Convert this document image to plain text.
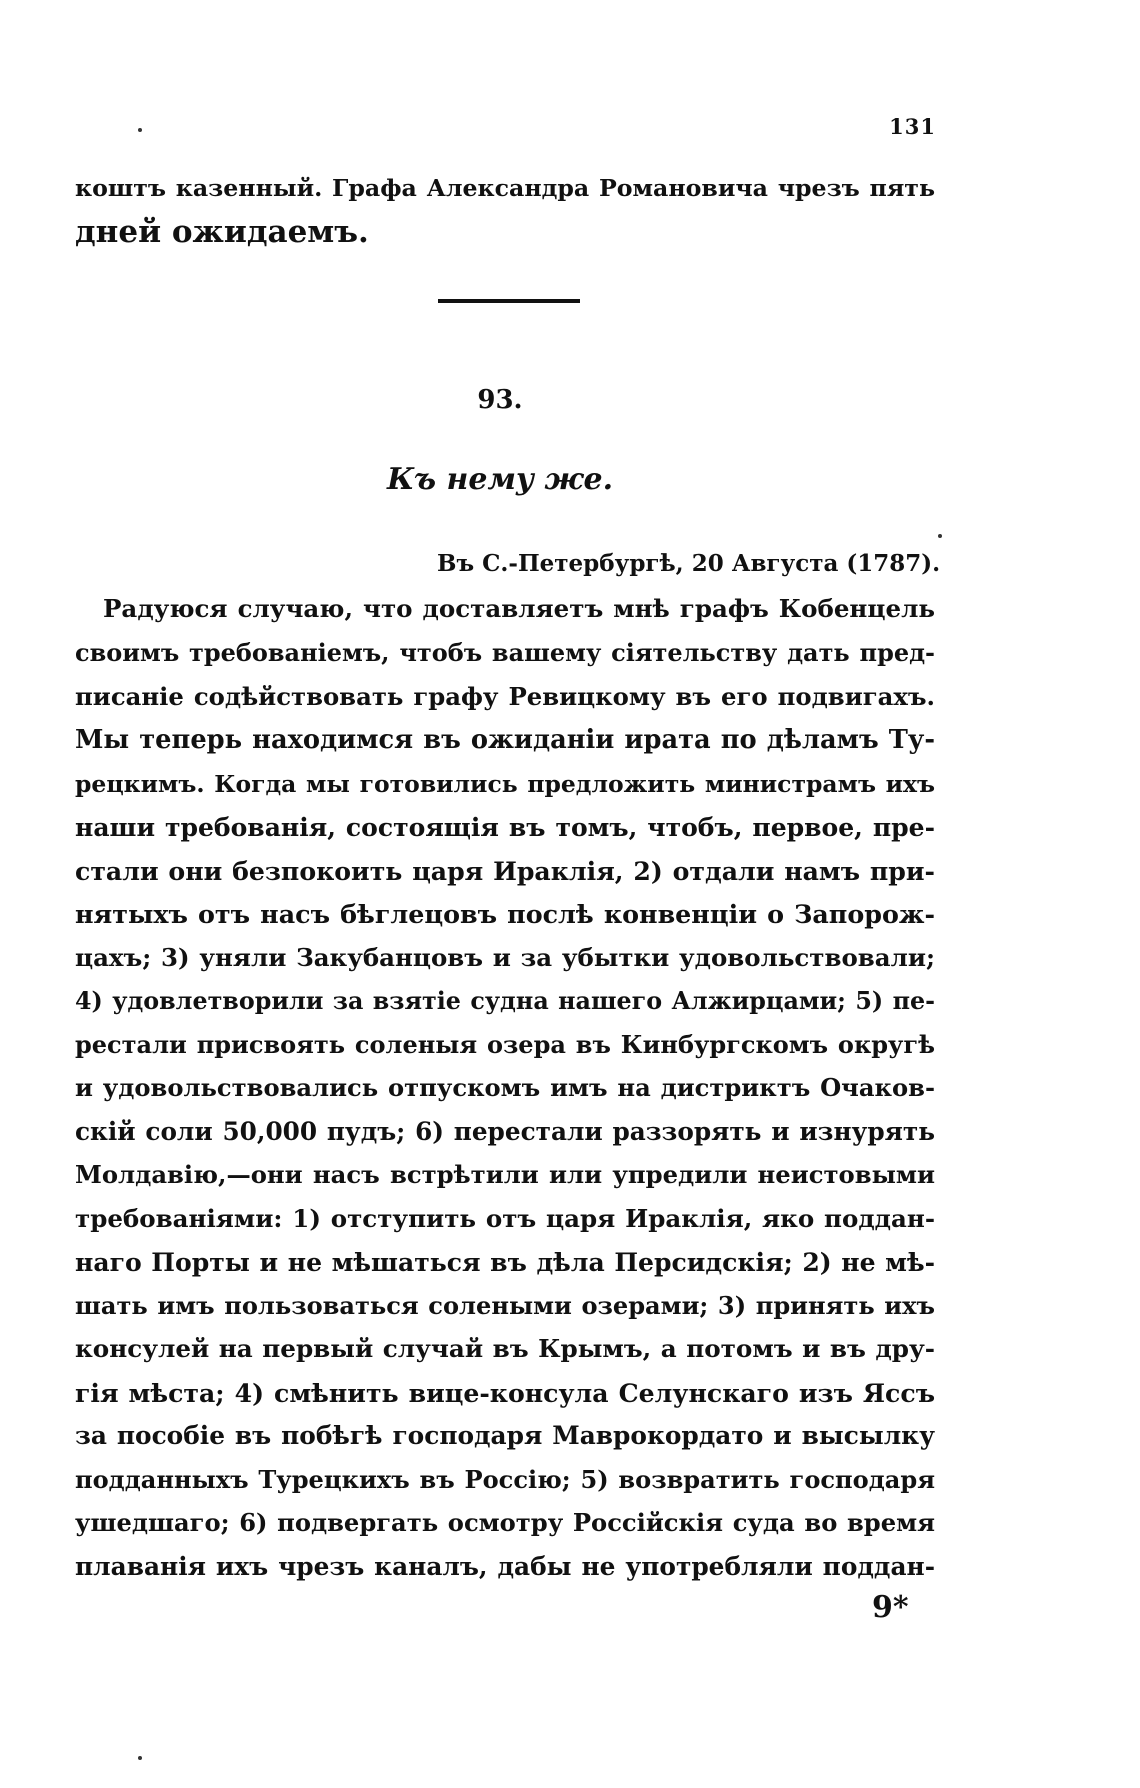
131
коштъ казенный. Графа Александра Романовича чрезъ пять
дней ожидаемъ.
93.
Къ нему же.
Въ С.-Петербургѣ, 20 Августа (1787).
Радуюся случаю, что доставляетъ мнѣ графъ Кобенцель
своимъ требованіемъ, чтобъ вашему сіятельству дать пред-
писаніе содѣйствовать графу Ревицкому въ его подвигахъ.
Мы теперь находимся въ ожиданіи ирата по дѣламъ Ту-
рецкимъ. Когда мы готовились предложить министрамъ ихъ
наши требованія, состоящія въ томъ, чтобъ, первое, пре-
стали они безпокоить царя Ираклія, 2) отдали намъ при-
нятыхъ отъ насъ бѣглецовъ послѣ конвенціи о Запорож-
цахъ; 3) уняли Закубанцовъ и за убытки удовольствовали;
4) удовлетворили за взятіе судна нашего Алжирцами; 5) пе-
рестали присвоять соленыя озера въ Кинбургскомъ округѣ
и удовольствовались отпускомъ имъ на дистриктъ Очаков-
скій соли 50,000 пудъ; 6) перестали раззорять и изнурять
Молдавію,—они насъ встрѣтили или упредили неистовыми
требованіями: 1) отступить отъ царя Ираклія, яко поддан-
наго Порты и не мѣшаться въ дѣла Персидскія; 2) не мѣ-
шать имъ пользоваться солеными озерами; 3) принять ихъ
консулей на первый случай въ Крымъ, а потомъ и въ дру-
гія мѣста; 4) смѣнить вице-консула Селунскаго изъ Яссъ
за пособіе въ побѣгѣ господаря Маврокордато и высылку
подданныхъ Турецкихъ въ Россію; 5) возвратить господаря
ушедшаго; 6) подвергать осмотру Россійскія суда во время
плаванія ихъ чрезъ каналъ, дабы не употребляли поддан-
9*
